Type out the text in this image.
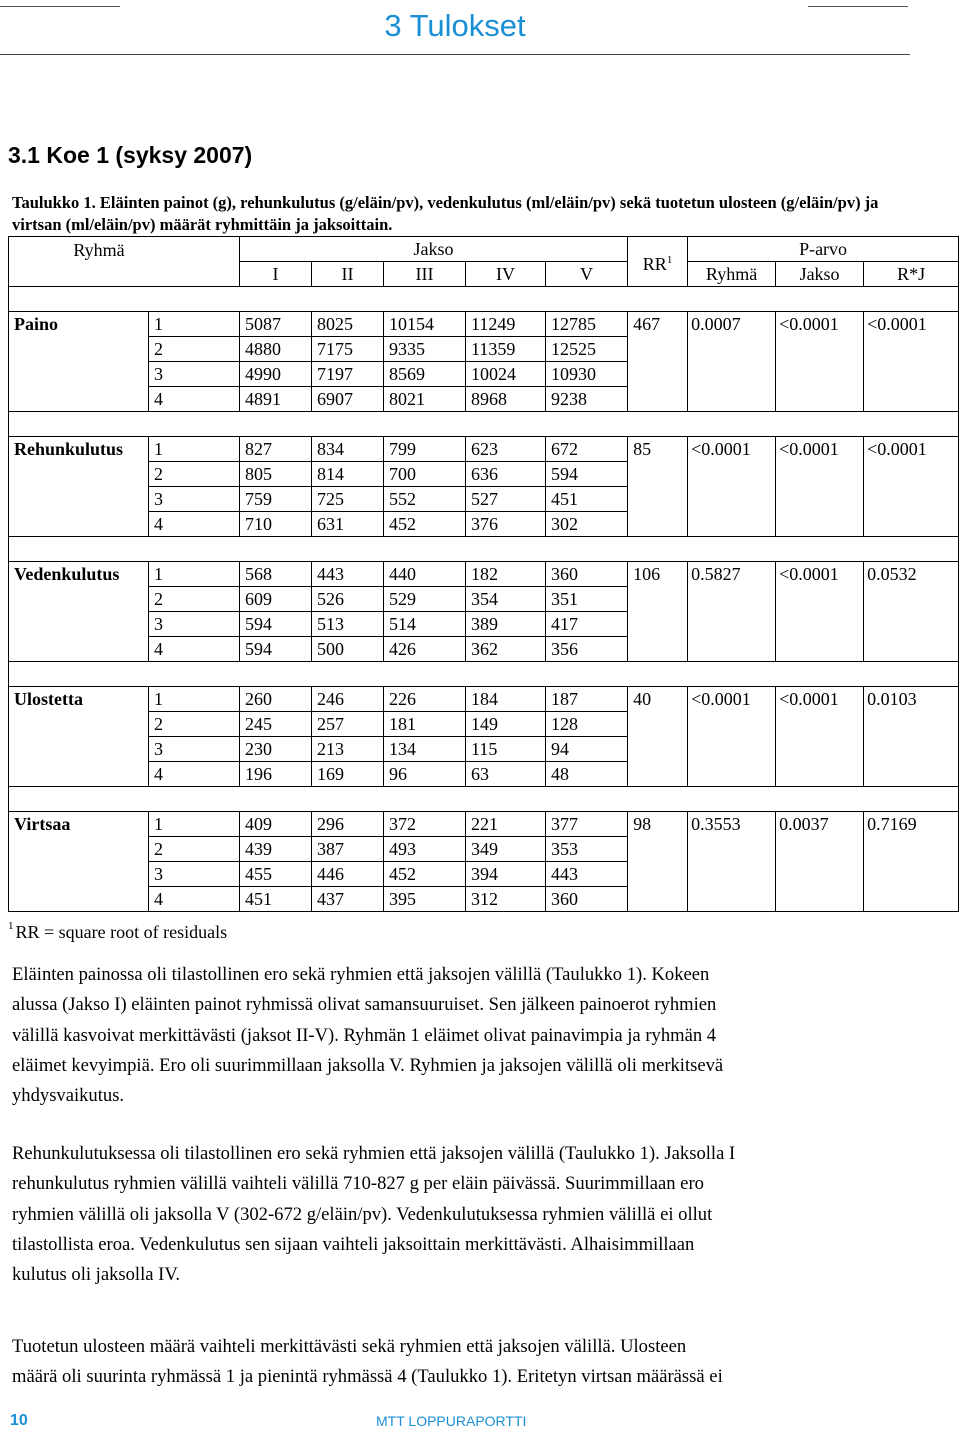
3 Tulokset
3.1 Koe 1 (syksy 2007)
Taulukko 1. Eläinten painot (g), rehunkulutus (g/eläin/pv), vedenkulutus (ml/eläin/pv) sekä tuotetun ulosteen (g/eläin/pv) ja virtsan (ml/eläin/pv) määrät ryhmittäin ja jaksoittain.
Ryhmä		Jakso					$RR^1$	P-arvo		
		I	II	III	IV	V		Ryhmä	Jakso	R*J

Paino	1	5087	8025	10154	11249	12785	467	0.0007	<0.0001	<0.0001
	2	4880	7175	9335	11359	12525				
	3	4990	7197	8569	10024	10930				
	4	4891	6907	8021	8968	9238				

Rehunkulutus	1	827	834	799	623	672	85	<0.0001	<0.0001	<0.0001
	2	805	814	700	636	594				
	3	759	725	552	527	451				
	4	710	631	452	376	302				

Vedenkulutus	1	568	443	440	182	360	106	0.5827	<0.0001	0.0532
	2	609	526	529	354	351				
	3	594	513	514	389	417				
	4	594	500	426	362	356				

Ulostetta	1	260	246	226	184	187	40	<0.0001	<0.0001	0.0103
	2	245	257	181	149	128				
	3	230	213	134	115	94				
	4	196	169	96	63	48				

Virtsaa	1	409	296	372	221	377	98	0.3553	0.0037	0.7169
	2	439	387	493	349	353				
	3	455	446	452	394	443				
	4	451	437	395	312	360				
$^1$ RR = square root of residuals
Eläinten painossa oli tilastollinen ero sekä ryhmien että jaksojen välillä (Taulukko 1). Kokeen
alussa (Jakso I) eläinten painot ryhmissä olivat samansuuruiset. Sen jälkeen painoerot ryhmien
välillä kasvoivat merkittävästi (jaksot II-V). Ryhmän 1 eläimet olivat painavimpia ja ryhmän 4
eläimet kevyimpiä. Ero oli suurimmillaan jaksolla V. Ryhmien ja jaksojen välillä oli merkitsevä
yhdysvaikutus.
Rehunkulutuksessa oli tilastollinen ero sekä ryhmien että jaksojen välillä (Taulukko 1). Jaksolla I
rehunkulutus ryhmien välillä vaihteli välillä 710-827 g per eläin päivässä. Suurimmillaan ero
ryhmien välillä oli jaksolla V (302-672 g/eläin/pv). Vedenkulutuksessa ryhmien välillä ei ollut
tilastollista eroa. Vedenkulutus sen sijaan vaihteli jaksoittain merkittävästi. Alhaisimmillaan
kulutus oli jaksolla IV.
Tuotetun ulosteen määrä vaihteli merkittävästi sekä ryhmien että jaksojen välillä. Ulosteen
määrä oli suurinta ryhmässä 1 ja pienintä ryhmässä 4 (Taulukko 1). Eritetyn virtsan määrässä ei
10	MTT LOPPURAPORTTI
